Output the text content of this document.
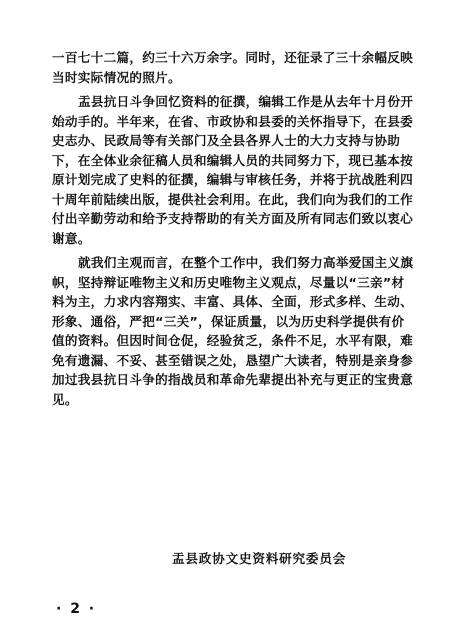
一百七十二篇，约三十六万余字。同时，还征录了三十余幅反映
当时实际情况的照片。
盂县抗日斗争回忆资料的征撰，编辑工作是从去年十月份开
始动手的。半年来，在省、市政协和县委的关怀指导下，在县委
史志办、民政局等有关部门及全县各界人士的大力支持与协助
下，在全体业余征稿人员和编辑人员的共同努力下，现已基本按
原计划完成了史料的征撰，编辑与审核任务，并将于抗战胜利四
十周年前陆续出版，提供社会利用。在此，我们向为我们的工作
付出辛勤劳动和给予支持帮助的有关方面及所有同志们致以衷心
谢意。
就我们主观而言，在整个工作中，我们努力高举爱国主义旗
帜，坚持辩证唯物主义和历史唯物主义观点，尽量以“三亲”材
料为主，力求内容翔实、丰富、具体、全面，形式多样、生动、
形象、通俗，严把“三关”，保证质量，以为历史科学提供有价
值的资料。但因时间仓促，经验贫乏，条件不足，水平有限，难
免有遗漏、不妥、甚至错误之处，恳望广大读者，特别是亲身参
加过我县抗日斗争的指战员和革命先辈提出补充与更正的宝贵意
见。
盂县政协文史资料研究委员会
· 2 ·
